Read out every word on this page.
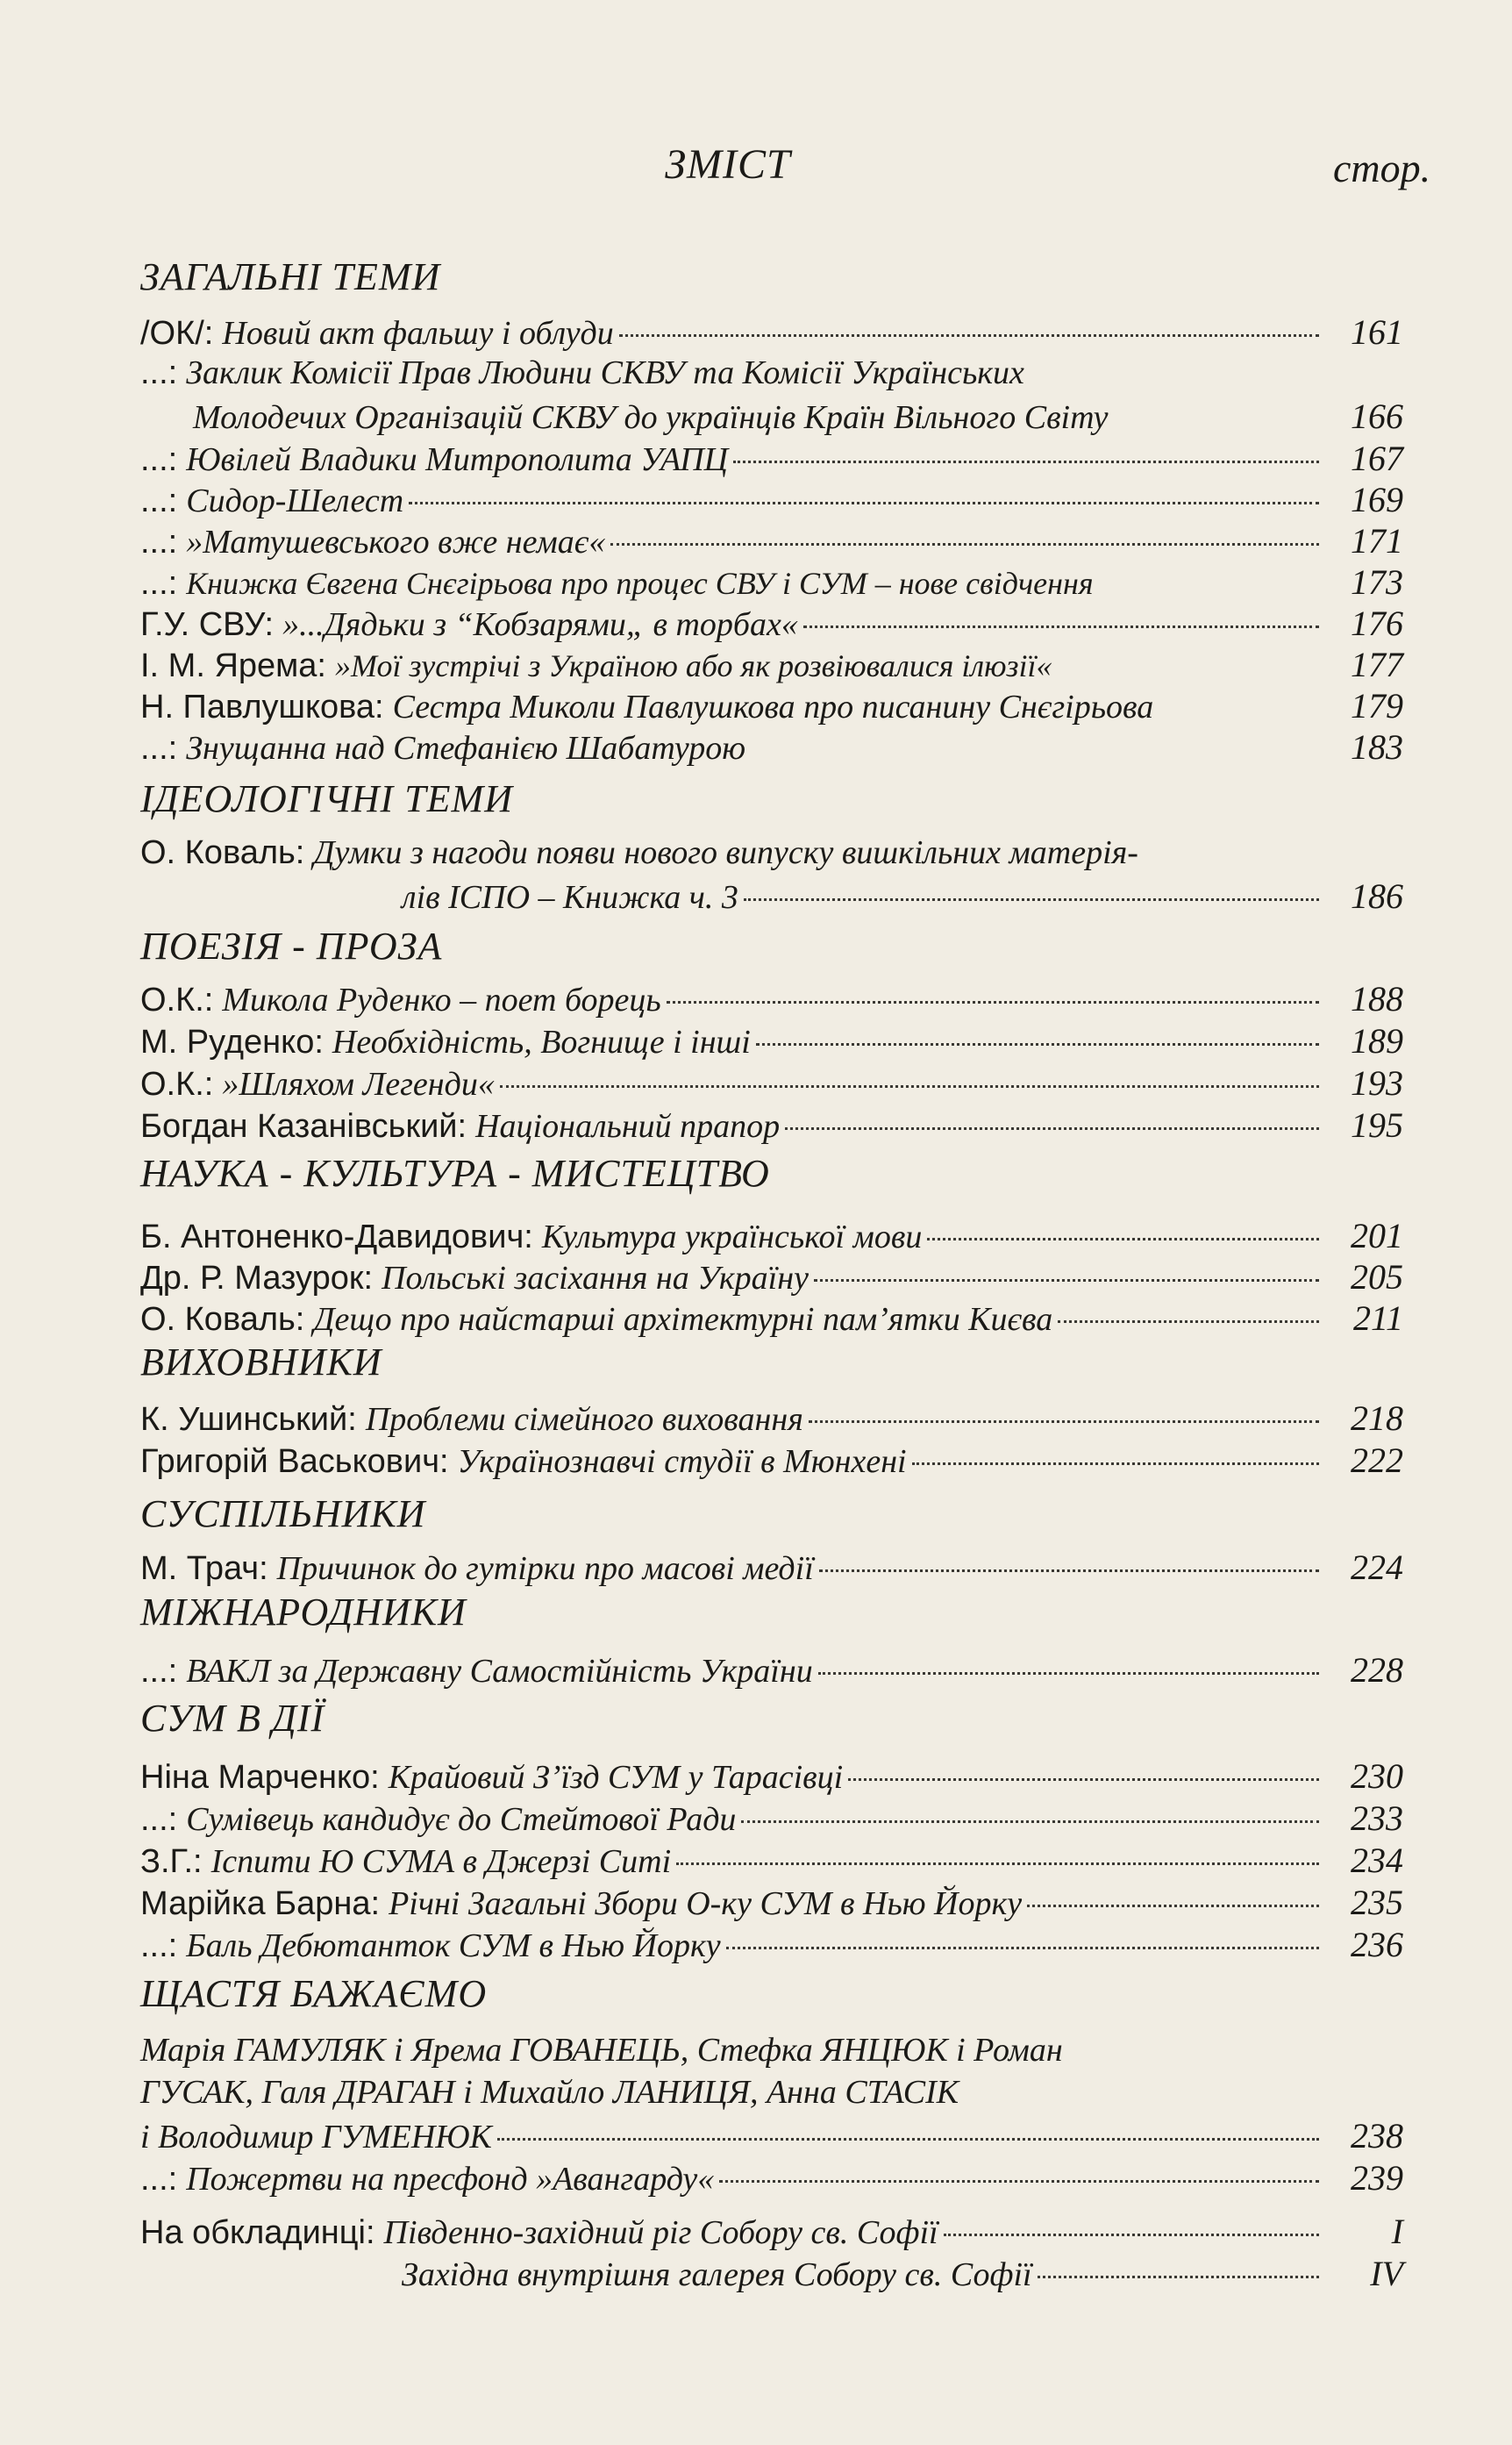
ЗМІСТ	стор.
ЗАГАЛЬНІ ТЕМИ
/ОК/: Новий акт фальшу і облуди	161
...: Заклик Комісії Прав Людини СКВУ та Комісії Українських
Молодечих Організацій СКВУ до українців Країн Вільного Світу	166
...: Ювілей Владики Митрополита УАПЦ	167
...: Сидор-Шелест	169
...: »Матушевського вже немає«	171
...: Книжка Євгена Снєгірьова про процес СВУ і СУМ – нове свідчення	173
Г.У. СВУ: »...Дядьки з “Кобзарями„ в торбах«	176
І. М. Ярема: »Мої зустрічі з Україною або як розвіювалися ілюзії«	177
Н. Павлушкова: Сестра Миколи Павлушкова про писанину Снєгірьова	179
...: Знущанна над Стефанією Шабатурою	183
ІДЕОЛОГІЧНІ ТЕМИ
О. Коваль: Думки з нагоди появи нового випуску вишкільних матерія-
лів ІСПО – Книжка ч. 3	186
ПОЕЗІЯ - ПРОЗА
О.К.: Микола Руденко – поет борець	188
М. Руденко: Необхідність, Вогнище і інші	189
О.К.: »Шляхом Легенди«	193
Богдан Казанівський: Національний прапор	195
НАУКА - КУЛЬТУРА - МИСТЕЦТВО
Б. Антоненко-Давидович: Культура української мови	201
Др. Р. Мазурок: Польські засіхання на Україну	205
О. Коваль: Дещо про найстарші архітектурні пам’ятки Києва	211
ВИХОВНИКИ
К. Ушинський: Проблеми сімейного виховання	218
Григорій Васькович: Українознавчі студії в Мюнхені	222
СУСПІЛЬНИКИ
М. Трач: Причинок до гутірки про масові медії	224
МІЖНАРОДНИКИ
...: ВАКЛ за Державну Самостійність України	228
СУМ В ДІЇ
Ніна Марченко: Крайовий З’їзд СУМ у Тарасівці	230
...: Сумівець кандидує до Стейтової Ради	233
З.Г.: Іспити Ю СУМА в Джерзі Ситі	234
Марійка Барна: Річні Загальні Збори О-ку СУМ в Нью Йорку	235
...: Баль Дебютанток СУМ в Нью Йорку	236
ЩАСТЯ БАЖАЄМО
Марія ГАМУЛЯК і Ярема ГОВАНЕЦЬ, Стефка ЯНЦЮК і Роман
ГУСАК, Галя ДРАГАН і Михайло ЛАНИЦЯ, Анна СТАСІК
і Володимир ГУМЕНЮК	238
...: Пожертви на пресфонд »Авангарду«	239
На обкладинці: Південно-західний ріг Собору св. Софії	I
Західна внутрішня галерея Собору св. Софії	IV
